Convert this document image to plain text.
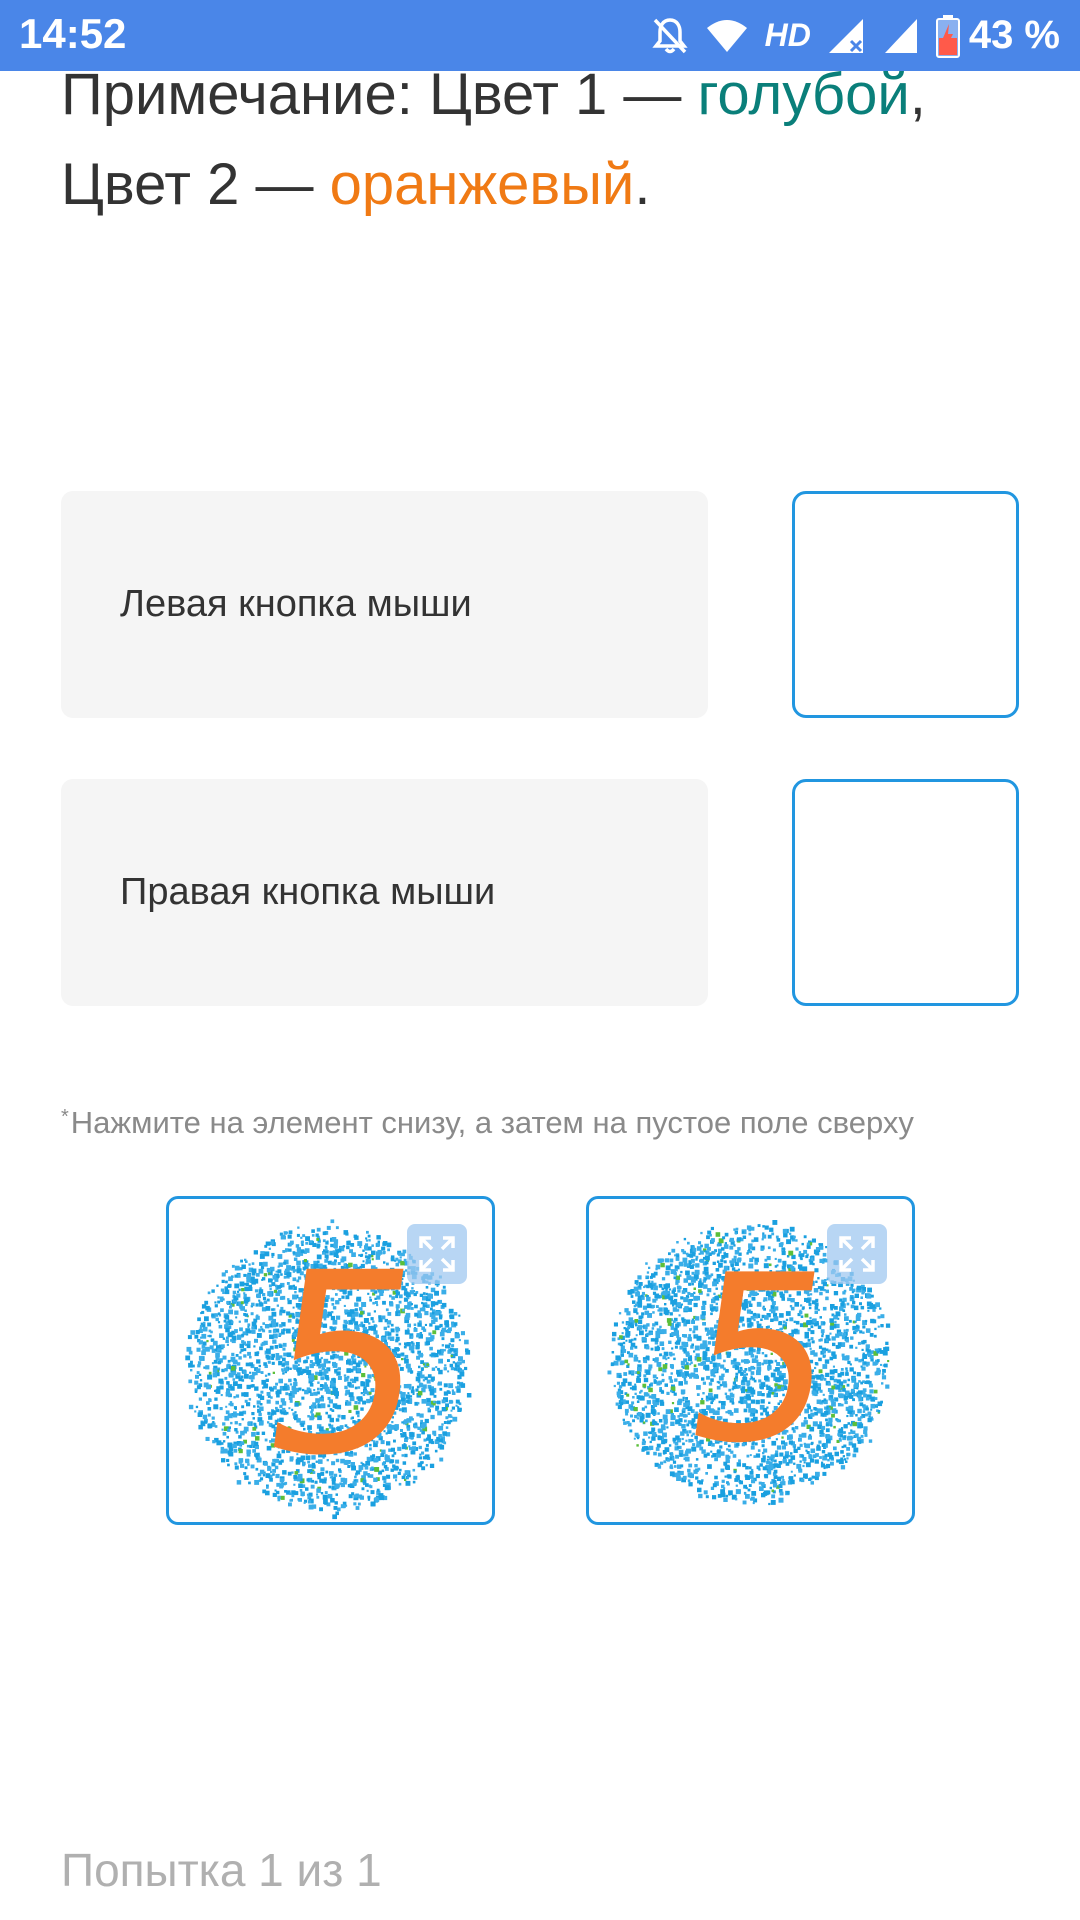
14:52	HD	43 %

Примечание: Цвет 1 — голубой,
Цвет 2 — оранжевый.

Левая кнопка мыши
Правая кнопка мыши
*Нажмите на элемент снизу, а затем на пустое поле сверху
5 5
Попытка 1 из 1
